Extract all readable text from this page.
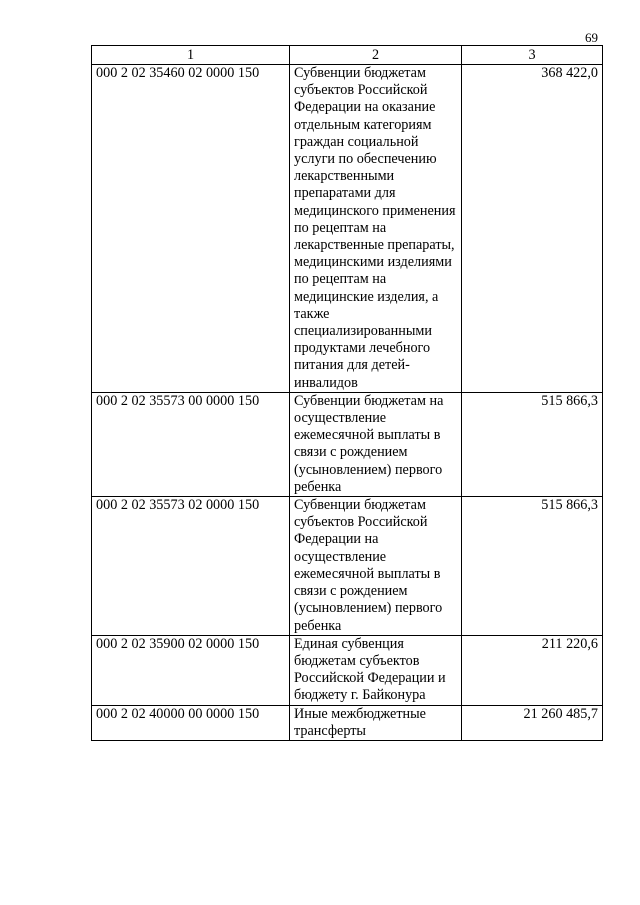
69
1	2	3
000 2 02 35460 02 0000 150	Субвенции бюджетам субъектов Российской Федерации на оказание отдельным категориям граждан социальной услуги по обеспечению лекарственными препаратами для медицинского применения по рецептам на лекарственные препараты, медицинскими изделиями по рецептам на медицинские изделия, а также специализированными продуктами лечебного питания для детей-инвалидов	368 422,0
000 2 02 35573 00 0000 150	Субвенции бюджетам на осуществление ежемесячной выплаты в связи с рождением (усыновлением) первого ребенка	515 866,3
000 2 02 35573 02 0000 150	Субвенции бюджетам субъектов Российской Федерации на осуществление ежемесячной выплаты в связи с рождением (усыновлением) первого ребенка	515 866,3
000 2 02 35900 02 0000 150	Единая субвенция бюджетам субъектов Российской Федерации и бюджету г. Байконура	211 220,6
000 2 02 40000 00 0000 150	Иные межбюджетные трансферты	21 260 485,7
